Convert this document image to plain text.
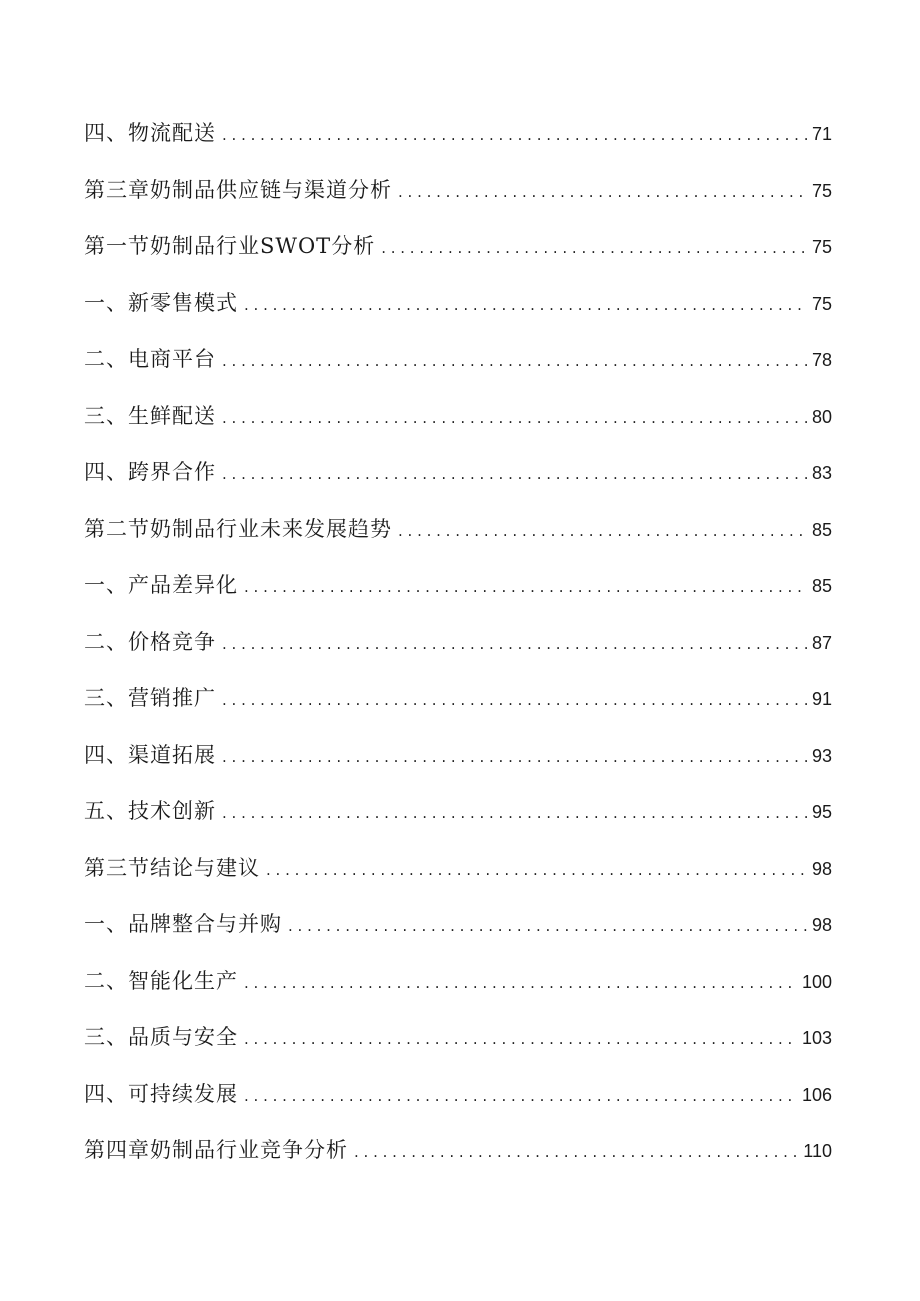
四、物流配送 . . .	71
第三章奶制品供应链与渠道分析 . . .	75
第一节奶制品行业SWOT分析 . . .	75
一、新零售模式 . . .	75
二、电商平台 . . .	78
三、生鲜配送 . . .	80
四、跨界合作 . . .	83
第二节奶制品行业未来发展趋势 . . .	85
一、产品差异化 . . .	85
二、价格竞争 . . .	87
三、营销推广 . . .	91
四、渠道拓展 . . .	93
五、技术创新 . . .	95
第三节结论与建议 . . .	98
一、品牌整合与并购 . . .	98
二、智能化生产 . . .	100
三、品质与安全 . . .	103
四、可持续发展 . . .	106
第四章奶制品行业竞争分析 . . .	110
